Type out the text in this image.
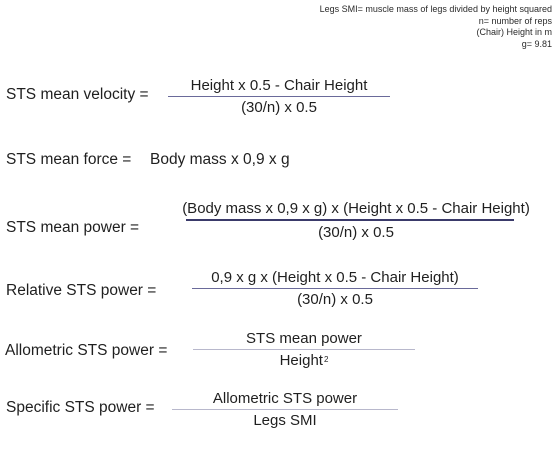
Legs SMI= muscle mass of legs divided by height squared
n= number of reps
(Chair) Height in m
g= 9.81
STS mean velocity =
Height x 0.5 - Chair Height
(30/n) x 0.5
STS mean force = Body mass x 0,9 x g
STS mean power =
(Body mass x 0,9 x g) x (Height x 0.5 - Chair Height)
(30/n) x 0.5
Relative STS power =
0,9 x g x (Height x 0.5 - Chair Height)
(30/n) x 0.5
Allometric STS power =
STS mean power
Height$^2$
Specific STS power =
Allometric STS power
Legs SMI
